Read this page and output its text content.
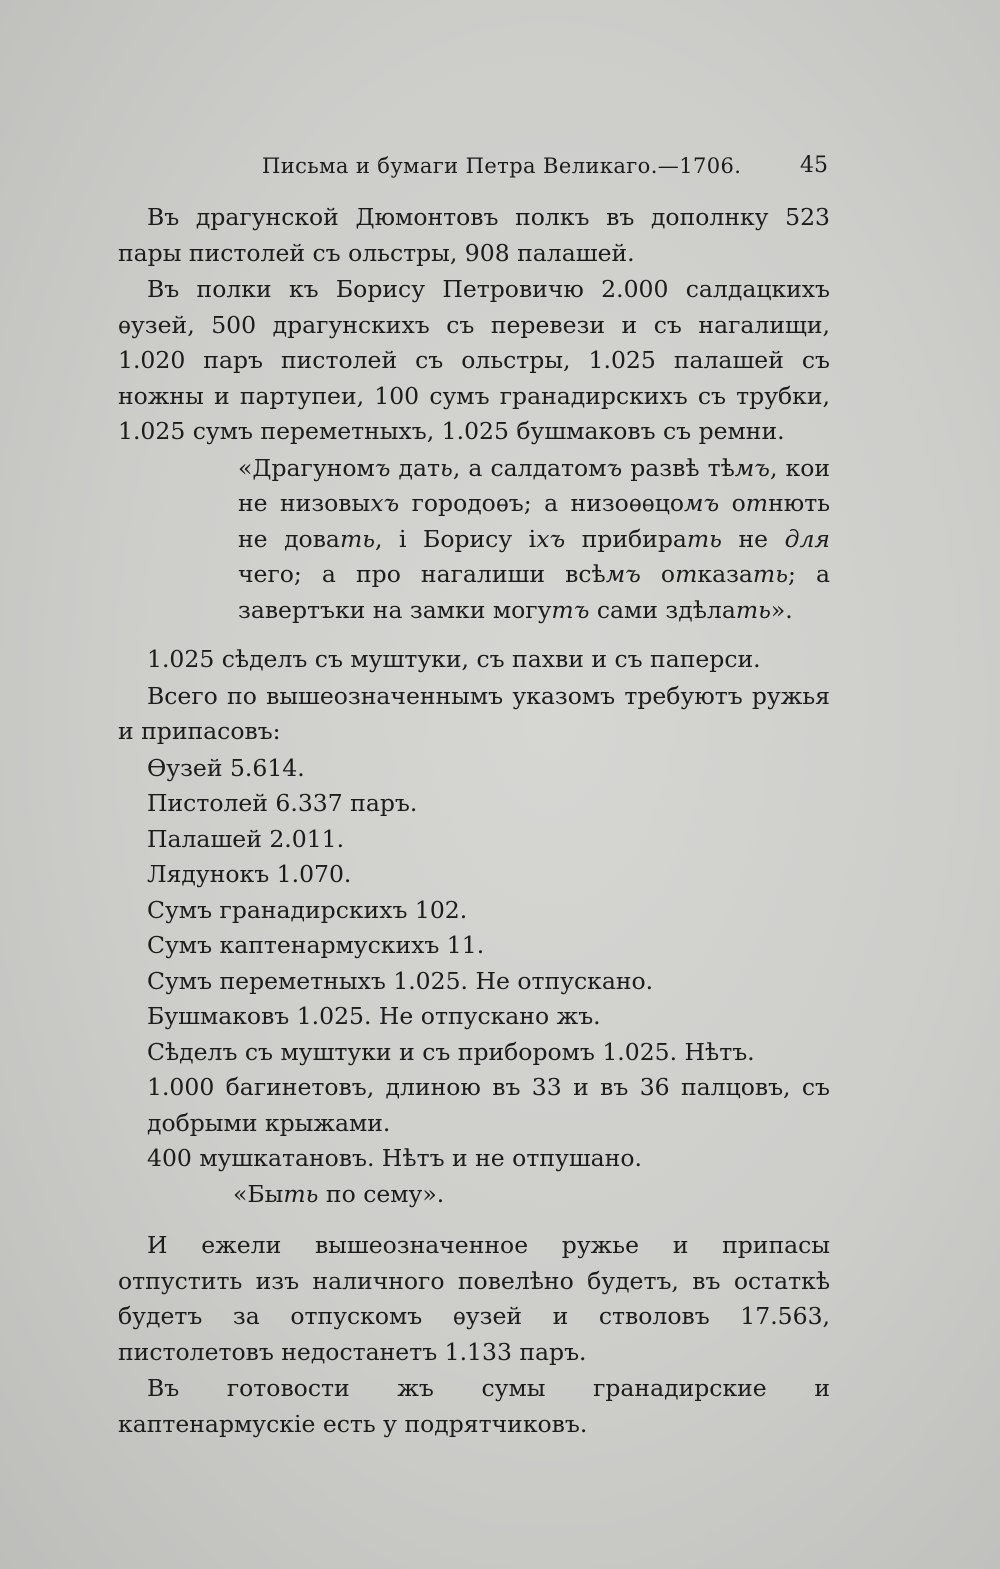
Письма и бумаги Петра Великаго.—1706.	45

Въ драгунской Дюмонтовъ полкъ въ дополнку 523 пары пистолей съ ольстры, 908 палашей.

Въ полки къ Борису Петровичю 2.000 салдацкихъ ѳузей, 500 драгунскихъ съ перевези и съ нагалищи, 1.020 паръ пистолей съ ольстры, 1.025 палашей съ ножны и партупеи, 100 сумъ гранадирскихъ съ трубки, 1.025 сумъ переметныхъ, 1.025 бушмаковъ съ ремни.

«Драгуномъ дать, а салдатомъ развѣ тѣмъ, кои не низовыхъ городоѳъ; а низоѳѳцомъ отнють не довать, і Борису іхъ прибирать не для чего; а про нагалиши всѣмъ отказать; а завертъки на замки могутъ сами здѣлать».

1.025 сѣделъ съ муштуки, съ пахви и съ паперси.

Всего по вышеозначеннымъ указомъ требуютъ ружья и припасовъ:

Ѳузей 5.614.

Пистолей 6.337 паръ.

Палашей 2.011.

Лядунокъ 1.070.

Сумъ гранадирскихъ 102.

Сумъ каптенармускихъ 11.

Сумъ переметныхъ 1.025. Не отпускано.

Бушмаковъ 1.025. Не отпускано жъ.

Сѣделъ съ муштуки и съ приборомъ 1.025. Нѣтъ.

1.000 багинетовъ, длиною въ 33 и въ 36 палцовъ, съ добрыми крыжами.

400 мушкатановъ. Нѣтъ и не отпушано.

«Быть по сему».

И ежели вышеозначенное ружье и припасы отпустить изъ наличного повелѣно будетъ, въ остаткѣ будетъ за отпускомъ ѳузей и стволовъ 17.563, пистолетовъ недостанетъ 1.133 паръ.

Въ готовости жъ сумы гранадирские и каптенармускіе есть у подрятчиковъ.
